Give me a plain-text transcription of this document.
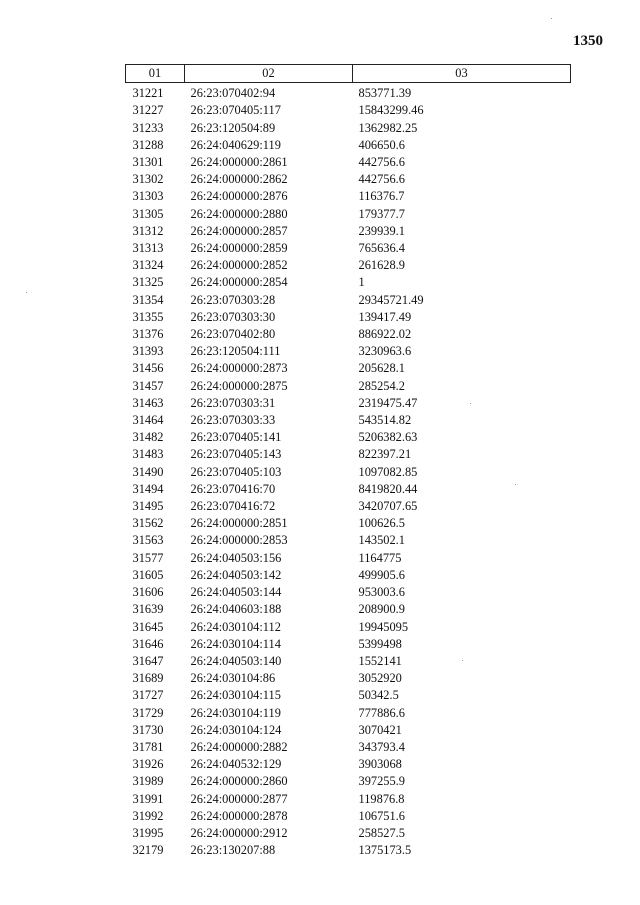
1350
01	02	03
31221	26:23:070402:94	853771.39
31227	26:23:070405:117	15843299.46
31233	26:23:120504:89	1362982.25
31288	26:24:040629:119	406650.6
31301	26:24:000000:2861	442756.6
31302	26:24:000000:2862	442756.6
31303	26:24:000000:2876	116376.7
31305	26:24:000000:2880	179377.7
31312	26:24:000000:2857	239939.1
31313	26:24:000000:2859	765636.4
31324	26:24:000000:2852	261628.9
31325	26:24:000000:2854	1
31354	26:23:070303:28	29345721.49
31355	26:23:070303:30	139417.49
31376	26:23:070402:80	886922.02
31393	26:23:120504:111	3230963.6
31456	26:24:000000:2873	205628.1
31457	26:24:000000:2875	285254.2
31463	26:23:070303:31	2319475.47
31464	26:23:070303:33	543514.82
31482	26:23:070405:141	5206382.63
31483	26:23:070405:143	822397.21
31490	26:23:070405:103	1097082.85
31494	26:23:070416:70	8419820.44
31495	26:23:070416:72	3420707.65
31562	26:24:000000:2851	100626.5
31563	26:24:000000:2853	143502.1
31577	26:24:040503:156	1164775
31605	26:24:040503:142	499905.6
31606	26:24:040503:144	953003.6
31639	26:24:040603:188	208900.9
31645	26:24:030104:112	19945095
31646	26:24:030104:114	5399498
31647	26:24:040503:140	1552141
31689	26:24:030104:86	3052920
31727	26:24:030104:115	50342.5
31729	26:24:030104:119	777886.6
31730	26:24:030104:124	3070421
31781	26:24:000000:2882	343793.4
31926	26:24:040532:129	3903068
31989	26:24:000000:2860	397255.9
31991	26:24:000000:2877	119876.8
31992	26:24:000000:2878	106751.6
31995	26:24:000000:2912	258527.5
32179	26:23:130207:88	1375173.5
